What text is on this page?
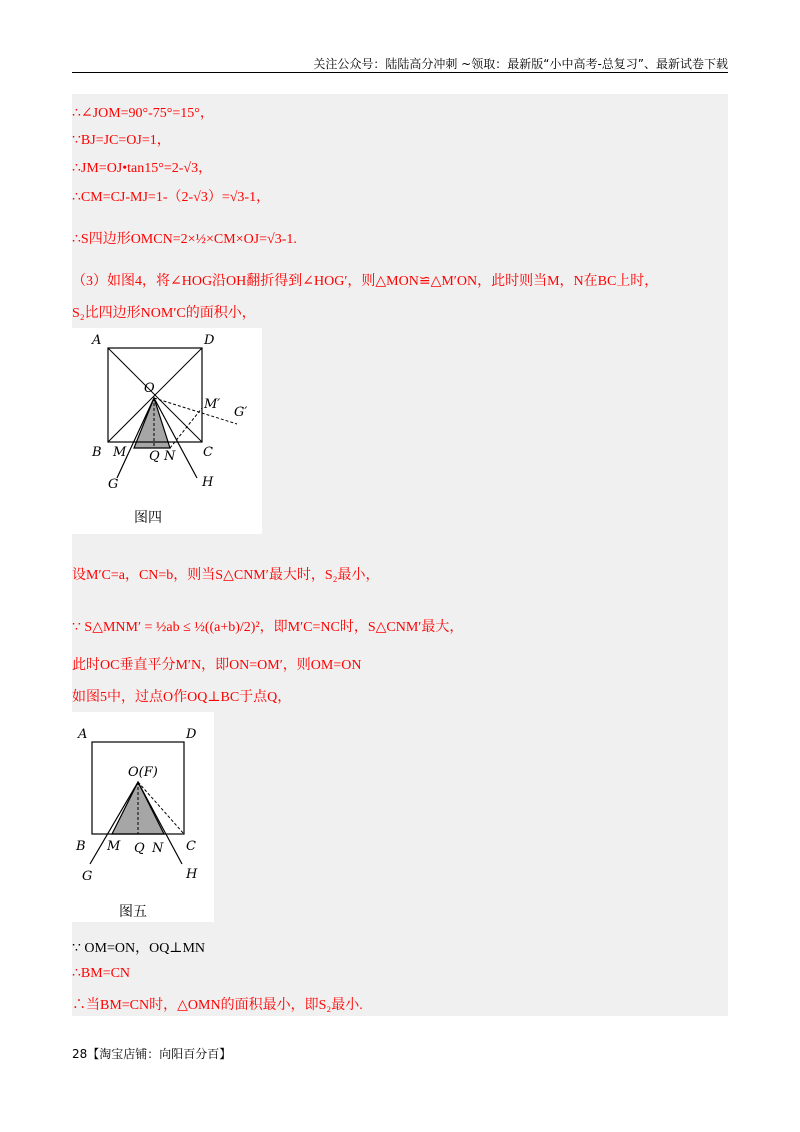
关注公众号：陆陆高分冲刺 ~领取：最新版“小中高考-总复习”、最新试卷下载
∴∠JOM=90°-75°=15°，
∵BJ=JC=OJ=1，
∴JM=OJ•tan15°=2-√3，
∴CM=CJ-MJ=1-（2-√3）=√3-1，
∴S四边形OMCN=2×½×CM×OJ=√3-1.
（3）如图4，将∠HOG沿OH翻折得到∠HOG′，则△MON≌△M′ON，此时则当M，N在BC上时，
S₂比四边形NOM′C的面积小，
A	D
O
M′
G′
B M Q N C
G	H
图四
设M′C=a，CN=b，则当S△CNM′最大时，S₂最小，
∵ S△MNM′ = ½ab ≤ ½((a+b)/2)²，即M′C=NC时，S△CNM′最大，
此时OC垂直平分M′N，即ON=OM′，则OM=ON
如图5中，过点O作OQ⊥BC于点Q，
A	D
O(F)
B M Q N C
G	H
图五
∵ OM=ON，OQ⊥MN
∴BM=CN
∴当BM=CN时，△OMN的面积最小，即S₂最小.
28【淘宝店铺：向阳百分百】
